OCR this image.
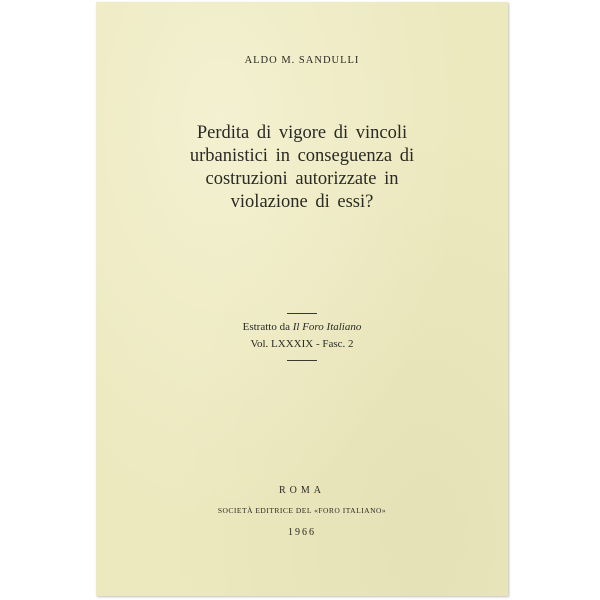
ALDO M. SANDULLI
Perdita di vigore di vincoli
urbanistici in conseguenza di
costruzioni autorizzate in
violazione di essi?
Estratto da Il Foro Italiano
Vol. LXXXIX - Fasc. 2
ROMA
SOCIETÀ EDITRICE DEL «FORO ITALIANO»
1966
